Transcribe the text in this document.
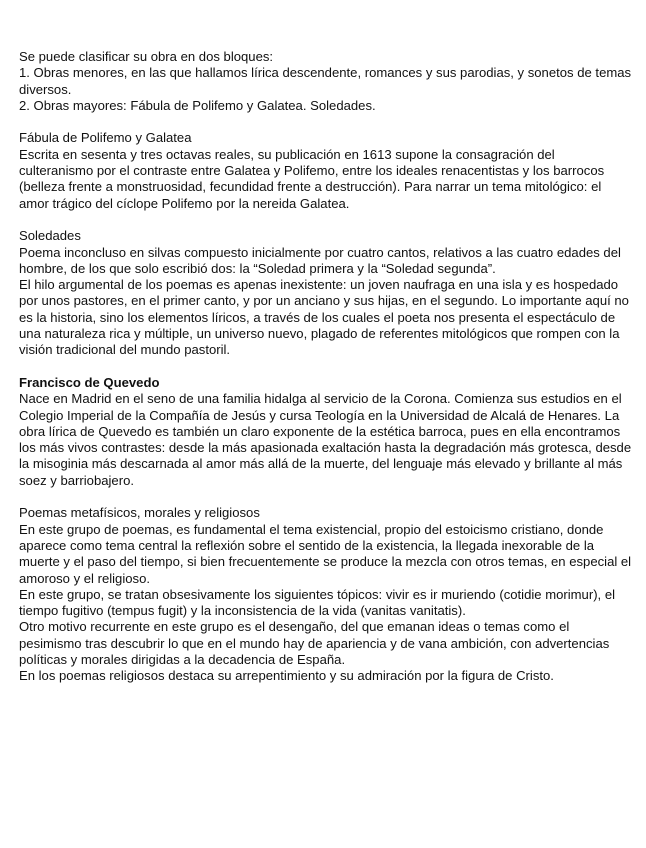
Se puede clasificar su obra en dos bloques:

1. Obras menores, en las que hallamos lírica descendente, romances y sus parodias, y sonetos de temas diversos.

2. Obras mayores: Fábula de Polifemo y Galatea. Soledades.

Fábula de Polifemo y Galatea

Escrita en sesenta y tres octavas reales, su publicación en 1613 supone la consagración del culteranismo por el contraste entre Galatea y Polifemo, entre los ideales renacentistas y los barrocos (belleza frente a monstruosidad, fecundidad frente a destrucción). Para narrar un tema mitológico: el amor trágico del cíclope Polifemo por la nereida Galatea.

Soledades

Poema inconcluso en silvas compuesto inicialmente por cuatro cantos, relativos a las cuatro edades del hombre, de los que solo escribió dos: la “Soledad primera y la “Soledad segunda”.

El hilo argumental de los poemas es apenas inexistente: un joven naufraga en una isla y es hospedado por unos pastores, en el primer canto, y por un anciano y sus hijas, en el segundo. Lo importante aquí no es la historia, sino los elementos líricos, a través de los cuales el poeta nos presenta el espectáculo de una naturaleza rica y múltiple, un universo nuevo, plagado de referentes mitológicos que rompen con la visión tradicional del mundo pastoril.

Francisco de Quevedo

Nace en Madrid en el seno de una familia hidalga al servicio de la Corona. Comienza sus estudios en el Colegio Imperial de la Compañía de Jesús y cursa Teología en la Universidad de Alcalá de Henares. La obra lírica de Quevedo es también un claro exponente de la estética barroca, pues en ella encontramos los más vivos contrastes: desde la más apasionada exaltación hasta la degradación más grotesca, desde la misoginia más descarnada al amor más allá de la muerte, del lenguaje más elevado y brillante al más soez y barriobajero.

Poemas metafísicos, morales y religiosos

En este grupo de poemas, es fundamental el tema existencial, propio del estoicismo cristiano, donde aparece como tema central la reflexión sobre el sentido de la existencia, la llegada inexorable de la muerte y el paso del tiempo, si bien frecuentemente se produce la mezcla con otros temas, en especial el amoroso y el religioso.

En este grupo, se tratan obsesivamente los siguientes tópicos: vivir es ir muriendo (cotidie morimur), el tiempo fugitivo (tempus fugit) y la inconsistencia de la vida (vanitas vanitatis).

Otro motivo recurrente en este grupo es el desengaño, del que emanan ideas o temas como el pesimismo tras descubrir lo que en el mundo hay de apariencia y de vana ambición, con advertencias políticas y morales dirigidas a la decadencia de España.

En los poemas religiosos destaca su arrepentimiento y su admiración por la figura de Cristo.
